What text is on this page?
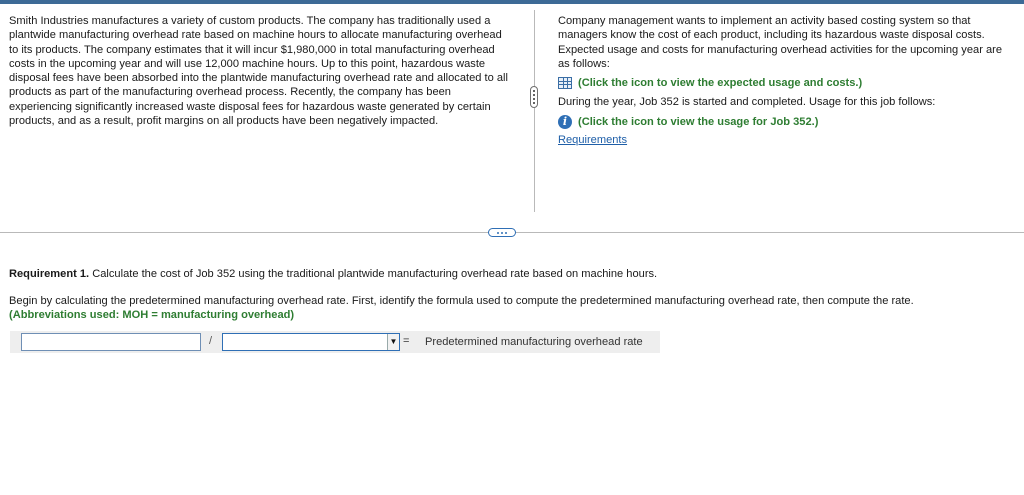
Smith Industries manufactures a variety of custom products. The company has traditionally used a plantwide manufacturing overhead rate based on machine hours to allocate manufacturing overhead to its products. The company estimates that it will incur $1,980,000 in total manufacturing overhead costs in the upcoming year and will use 12,000 machine hours. Up to this point, hazardous waste disposal fees have been absorbed into the plantwide manufacturing overhead rate and allocated to all products as part of the manufacturing overhead process. Recently, the company has been experiencing significantly increased waste disposal fees for hazardous waste generated by certain products, and as a result, profit margins on all products have been negatively impacted.

Company management wants to implement an activity based costing system so that managers know the cost of each product, including its hazardous waste disposal costs. Expected usage and costs for manufacturing overhead activities for the upcoming year are as follows:

(Click the icon to view the expected usage and costs.)

During the year, Job 352 is started and completed. Usage for this job follows:

i (Click the icon to view the usage for Job 352.)
Requirements
Requirement 1. Calculate the cost of Job 352 using the traditional plantwide manufacturing overhead rate based on machine hours.
Begin by calculating the predetermined manufacturing overhead rate. First, identify the formula used to compute the predetermined manufacturing overhead rate, then compute the rate.
(Abbreviations used: MOH = manufacturing overhead)
/	▼ = Predetermined manufacturing overhead rate
